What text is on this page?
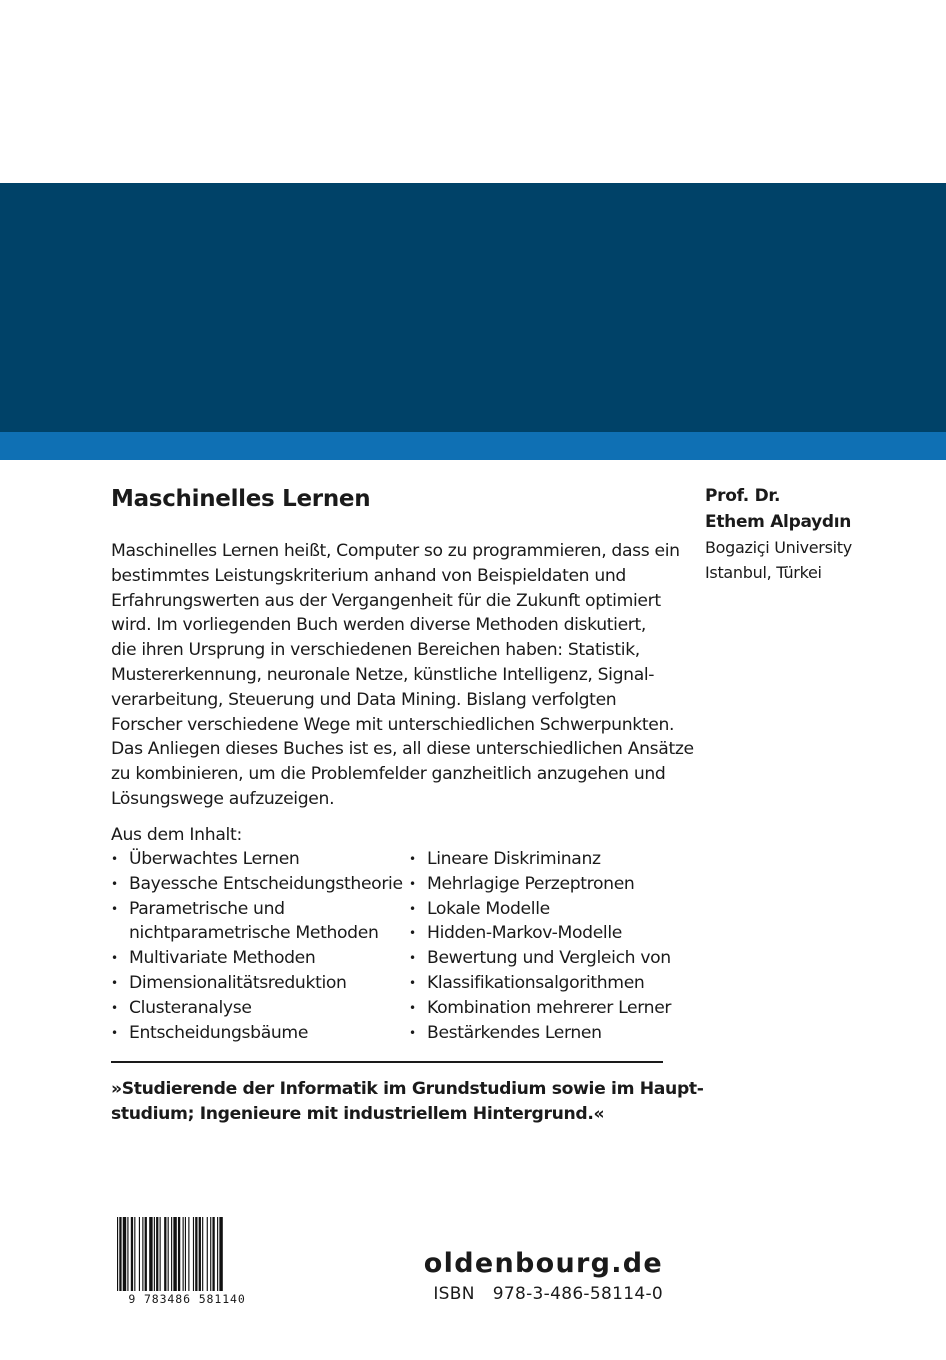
Maschinelles Lernen
Maschinelles Lernen heißt, Computer so zu programmieren, dass ein
bestimmtes Leistungskriterium anhand von Beispieldaten und
Erfahrungswerten aus der Vergangenheit für die Zukunft optimiert
wird. Im vorliegenden Buch werden diverse Methoden diskutiert,
die ihren Ursprung in verschiedenen Bereichen haben: Statistik,
Mustererkennung, neuronale Netze, künstliche Intelligenz, Signal-
verarbeitung, Steuerung und Data Mining. Bislang verfolgten
Forscher verschiedene Wege mit unterschiedlichen Schwerpunkten.
Das Anliegen dieses Buches ist es, all diese unterschiedlichen Ansätze
zu kombinieren, um die Problemfelder ganzheitlich anzugehen und
Lösungswege aufzuzeigen.
Aus dem Inhalt:
• Überwachtes Lernen
• Bayessche Entscheidungstheorie
• Parametrische und
nichtparametrische Methoden
• Multivariate Methoden
• Dimensionalitätsreduktion
• Clusteranalyse
• Entscheidungsbäume
• Lineare Diskriminanz
• Mehrlagige Perzeptronen
• Lokale Modelle
• Hidden-Markov-Modelle
• Bewertung und Vergleich von
• Klassifikationsalgorithmen
• Kombination mehrerer Lerner
• Bestärkendes Lernen
»Studierende der Informatik im Grundstudium sowie im Haupt-
studium; Ingenieure mit industriellem Hintergrund.«
Prof. Dr.
Ethem Alpaydın
Bogaziçi University
Istanbul, Türkei
9 783486 581140
oldenbourg.de
ISBN 978-3-486-58114-0
